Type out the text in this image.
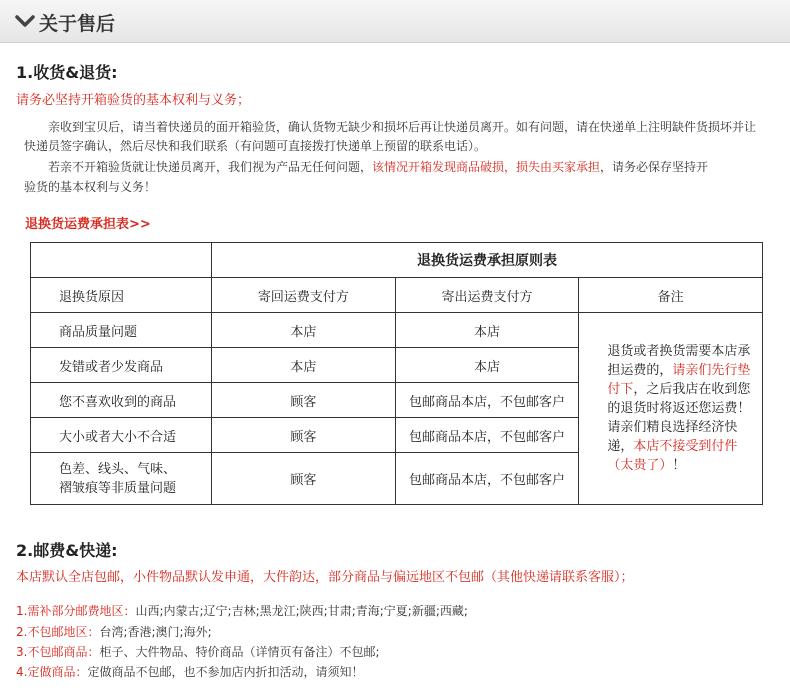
关于售后
1.收货&退货:
请务必坚持开箱验货的基本权利与义务；
亲收到宝贝后，请当着快递员的面开箱验货，确认货物无缺少和损坏后再让快递员离开。如有问题，请在快递单上注明缺件货损坏并让
快递员签字确认，然后尽快和我们联系（有问题可直接拨打快递单上预留的联系电话）。
若亲不开箱验货就让快递员离开，我们视为产品无任何问题，该情况开箱发现商品破损，损失由买家承担，请务必保存坚持开
验货的基本权利与义务！
退换货运费承担表>>
	退换货运费承担原则表		
退换货原因	寄回运费支付方	寄出运费支付方	备注
商品质量问题	本店	本店	退货或者换货需要本店承担运费的，请亲们先行垫付下，之后我店在收到您的退货时将返还您运费！
请亲们精良选择经济快递，本店不接受到付件（太贵了）！
发错或者少发商品	本店	本店	
您不喜欢收到的商品	顾客	包邮商品本店，不包邮客户	
大小或者大小不合适	顾客	包邮商品本店，不包邮客户	
色差、线头、气味、
褶皱痕等非质量问题	顾客	包邮商品本店，不包邮客户	
2.邮费&快递:
本店默认全店包邮，小件物品默认发申通，大件韵达，部分商品与偏远地区不包邮（其他快递请联系客服）；
1.需补部分邮费地区：山西;内蒙古;辽宁;吉林;黑龙江;陕西;甘肃;青海;宁夏;新疆;西藏;
2.不包邮地区：台湾;香港;澳门;海外;
3.不包邮商品：柜子、大件物品、特价商品（详情页有备注）不包邮;
4.定做商品：定做商品不包邮，也不参加店内折扣活动，请须知！
